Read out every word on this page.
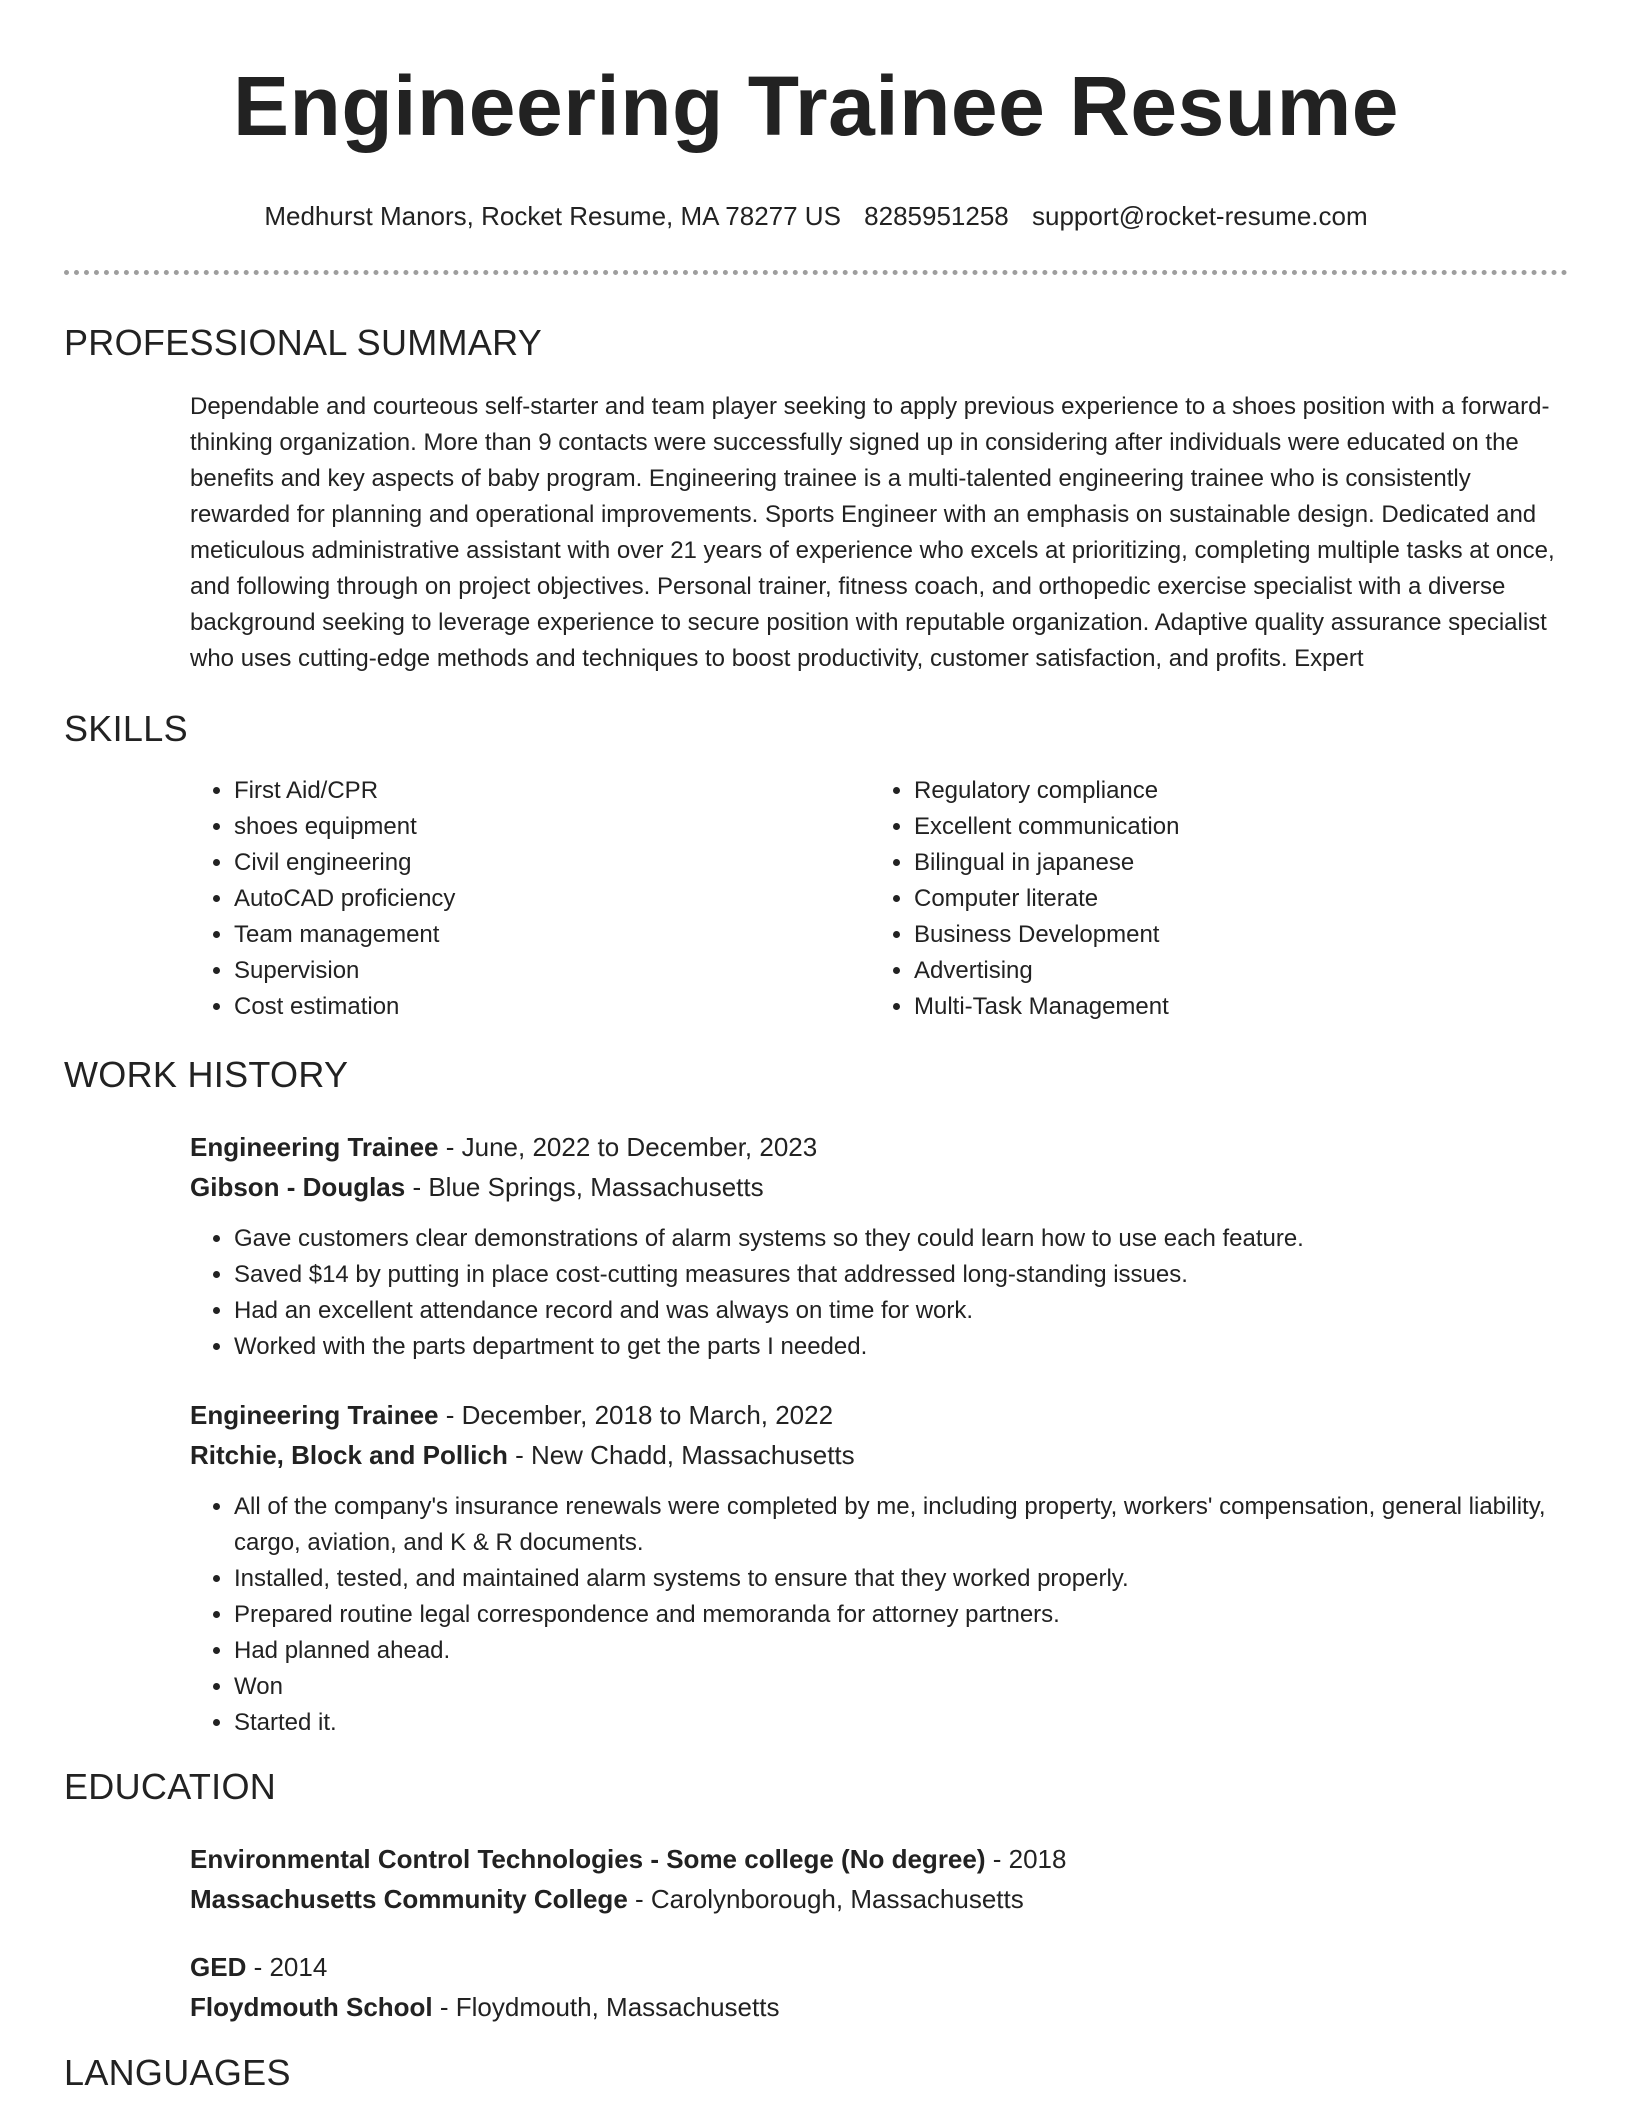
Engineering Trainee Resume
Medhurst Manors, Rocket Resume, MA 78277 US 8285951258 support@rocket-resume.com
PROFESSIONAL SUMMARY

Dependable and courteous self-starter and team player seeking to apply previous experience to a shoes position with a forward-thinking organization. More than 9 contacts were successfully signed up in considering after individuals were educated on the benefits and key aspects of baby program. Engineering trainee is a multi-talented engineering trainee who is consistently rewarded for planning and operational improvements. Sports Engineer with an emphasis on sustainable design. Dedicated and meticulous administrative assistant with over 21 years of experience who excels at prioritizing, completing multiple tasks at once, and following through on project objectives. Personal trainer, fitness coach, and orthopedic exercise specialist with a diverse background seeking to leverage experience to secure position with reputable organization. Adaptive quality assurance specialist who uses cutting-edge methods and techniques to boost productivity, customer satisfaction, and profits. Expert

SKILLS
• First Aid/CPR
• shoes equipment
• Civil engineering
• AutoCAD proficiency
• Team management
• Supervision
• Cost estimation
• Regulatory compliance
• Excellent communication
• Bilingual in japanese
• Computer literate
• Business Development
• Advertising
• Multi-Task Management
WORK HISTORY
Engineering Trainee - June, 2022 to December, 2023
Gibson - Douglas - Blue Springs, Massachusetts
• Gave customers clear demonstrations of alarm systems so they could learn how to use each feature.
• Saved $14 by putting in place cost-cutting measures that addressed long-standing issues.
• Had an excellent attendance record and was always on time for work.
• Worked with the parts department to get the parts I needed.
Engineering Trainee - December, 2018 to March, 2022
Ritchie, Block and Pollich - New Chadd, Massachusetts
• All of the company's insurance renewals were completed by me, including property, workers' compensation, general liability, cargo, aviation, and K & R documents.
• Installed, tested, and maintained alarm systems to ensure that they worked properly.
• Prepared routine legal correspondence and memoranda for attorney partners.
• Had planned ahead.
• Won
• Started it.
EDUCATION
Environmental Control Technologies - Some college (No degree) - 2018
Massachusetts Community College - Carolynborough, Massachusetts
GED - 2014
Floydmouth School - Floydmouth, Massachusetts
LANGUAGES
